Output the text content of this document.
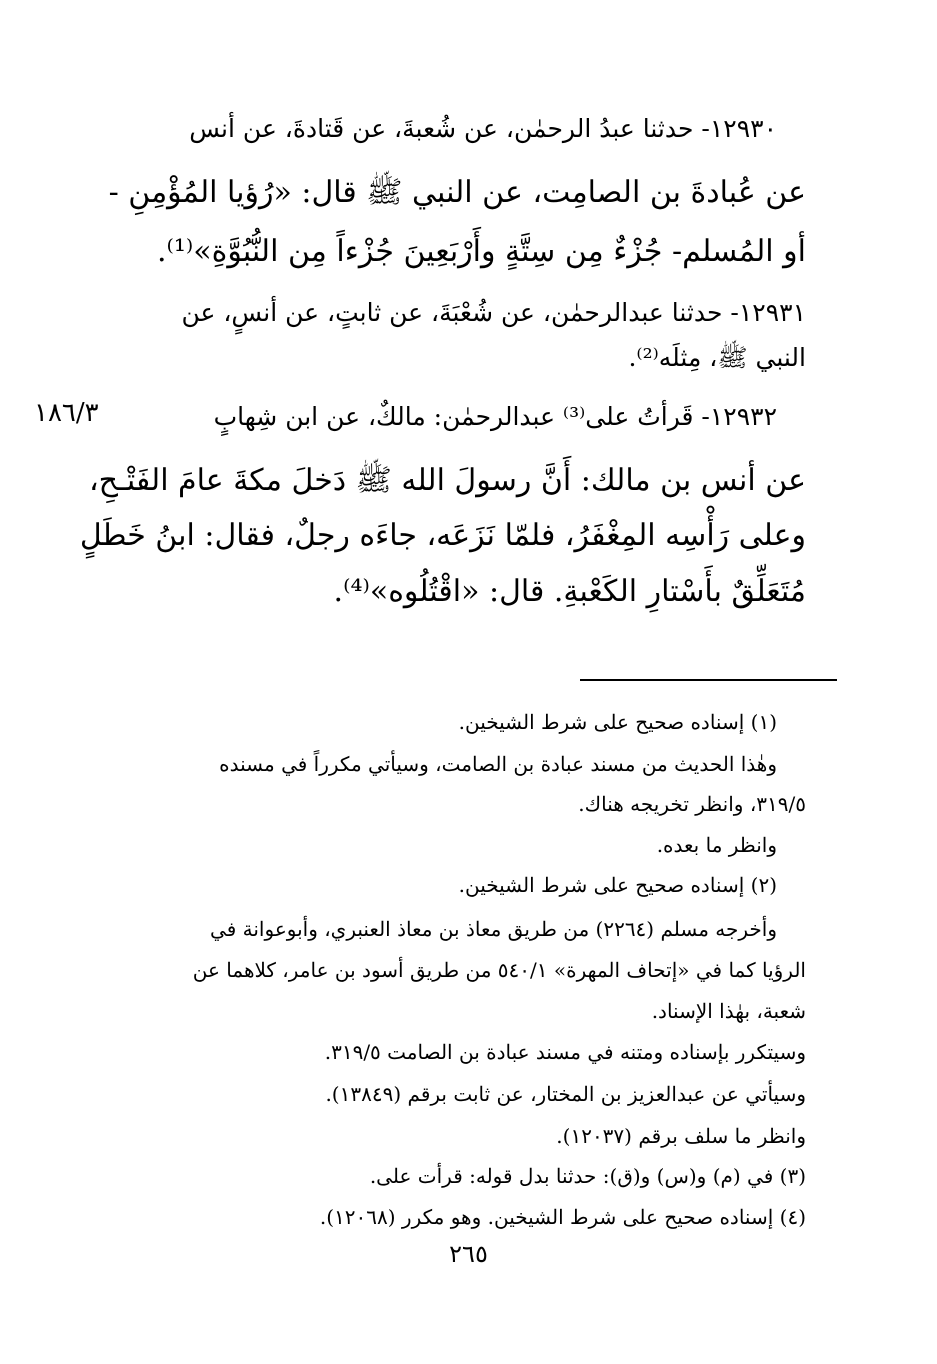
١٨٦/٣
١٢٩٣٠- حدثنا عبدُ الرحمٰن، عن شُعبةَ، عن قَتادةَ، عن أنس
عن عُبادةَ بن الصامِت، عن النبي ﷺ قال: «رُؤيا المُؤْمِنِ -
أو المُسلم- جُزْءٌ مِن سِتَّةٍ وأَرْبَعِينَ جُزْءاً مِن النُّبُوَّةِ»⁽¹⁾.
١٢٩٣١- حدثنا عبدالرحمٰن، عن شُعْبَةَ، عن ثابتٍ، عن أنسٍ، عن
النبي ﷺ، مِثلَه⁽²⁾.
١٢٩٣٢- قَرأتُ على⁽³⁾ عبدالرحمٰن: مالكٌ، عن ابن شِهابٍ
عن أنس بن مالك: أَنَّ رسولَ الله ﷺ دَخلَ مكةَ عامَ الفَتْـحِ،
وعلى رَأْسِه المِغْفَرُ، فلمّا نَزَعَه، جاءَه رجلٌ، فقال: ابنُ خَطَلٍ
مُتَعَلِّقٌ بأَسْتارِ الكَعْبةِ. قال: «اقْتُلُوه»⁽⁴⁾.
(١) إسناده صحيح على شرط الشيخين.
وهٰذا الحديث من مسند عبادة بن الصامت، وسيأتي مكرراً في مسنده
٣١٩/٥، وانظر تخريجه هناك.
وانظر ما بعده.
(٢) إسناده صحيح على شرط الشيخين.
وأخرجه مسلم (٢٢٦٤) من طريق معاذ بن معاذ العنبري، وأبوعوانة في
الرؤيا كما في «إتحاف المهرة» ٥٤٠/١ من طريق أسود بن عامر، كلاهما عن
شعبة، بهٰذا الإسناد.
وسيتكرر بإسناده ومتنه في مسند عبادة بن الصامت ٣١٩/٥.
وسيأتي عن عبدالعزيز بن المختار، عن ثابت برقم (١٣٨٤٩).
وانظر ما سلف برقم (١٢٠٣٧).
(٣) في (م) و(س) و(ق): حدثنا بدل قوله: قرأت على.
(٤) إسناده صحيح على شرط الشيخين. وهو مكرر (١٢٠٦٨).
٢٦٥
